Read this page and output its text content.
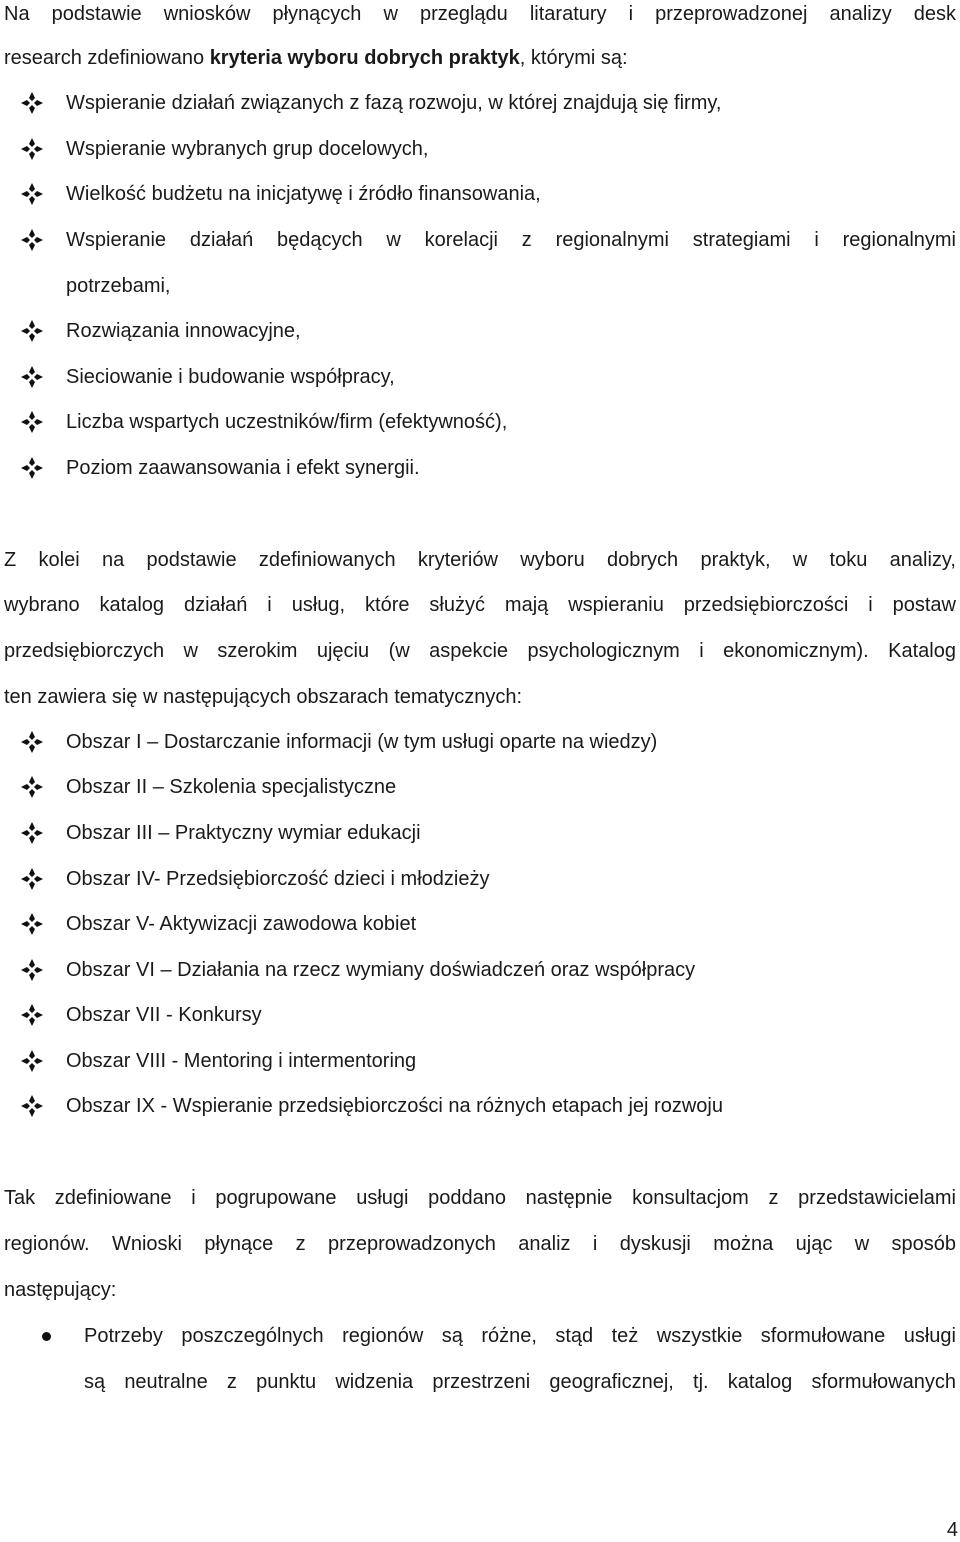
Na podstawie wniosków płynących w przeglądu litaratury i przeprowadzonej analizy desk
research zdefiniowano kryteria wyboru dobrych praktyk, którymi są:
Wspieranie działań związanych z fazą rozwoju, w której znajdują się firmy,
Wspieranie wybranych grup docelowych,
Wielkość budżetu na inicjatywę i źródło finansowania,
Wspieranie działań będących w korelacji z regionalnymi strategiami i regionalnymi
potrzebami,
Rozwiązania innowacyjne,
Sieciowanie i budowanie współpracy,
Liczba wspartych uczestników/firm (efektywność),
Poziom zaawansowania i efekt synergii.
Z kolei na podstawie zdefiniowanych kryteriów wyboru dobrych praktyk, w toku analizy,
wybrano katalog działań i usług, które służyć mają wspieraniu przedsiębiorczości i postaw
przedsiębiorczych w szerokim ujęciu (w aspekcie psychologicznym i ekonomicznym). Katalog
ten zawiera się w następujących obszarach tematycznych:
Obszar I – Dostarczanie informacji (w tym usługi oparte na wiedzy)
Obszar II – Szkolenia specjalistyczne
Obszar III – Praktyczny wymiar edukacji
Obszar IV- Przedsiębiorczość dzieci i młodzieży
Obszar V- Aktywizacji zawodowa kobiet
Obszar VI – Działania na rzecz wymiany doświadczeń oraz współpracy
Obszar VII - Konkursy
Obszar VIII - Mentoring i intermentoring
Obszar IX - Wspieranie przedsiębiorczości na różnych etapach jej rozwoju
Tak zdefiniowane i pogrupowane usługi poddano następnie konsultacjom z przedstawicielami
regionów. Wnioski płynące z przeprowadzonych analiz i dyskusji można ując w sposób
następujący:
Potrzeby poszczególnych regionów są różne, stąd też wszystkie sformułowane usługi
są neutralne z punktu widzenia przestrzeni geograficznej, tj. katalog sformułowanych
4
